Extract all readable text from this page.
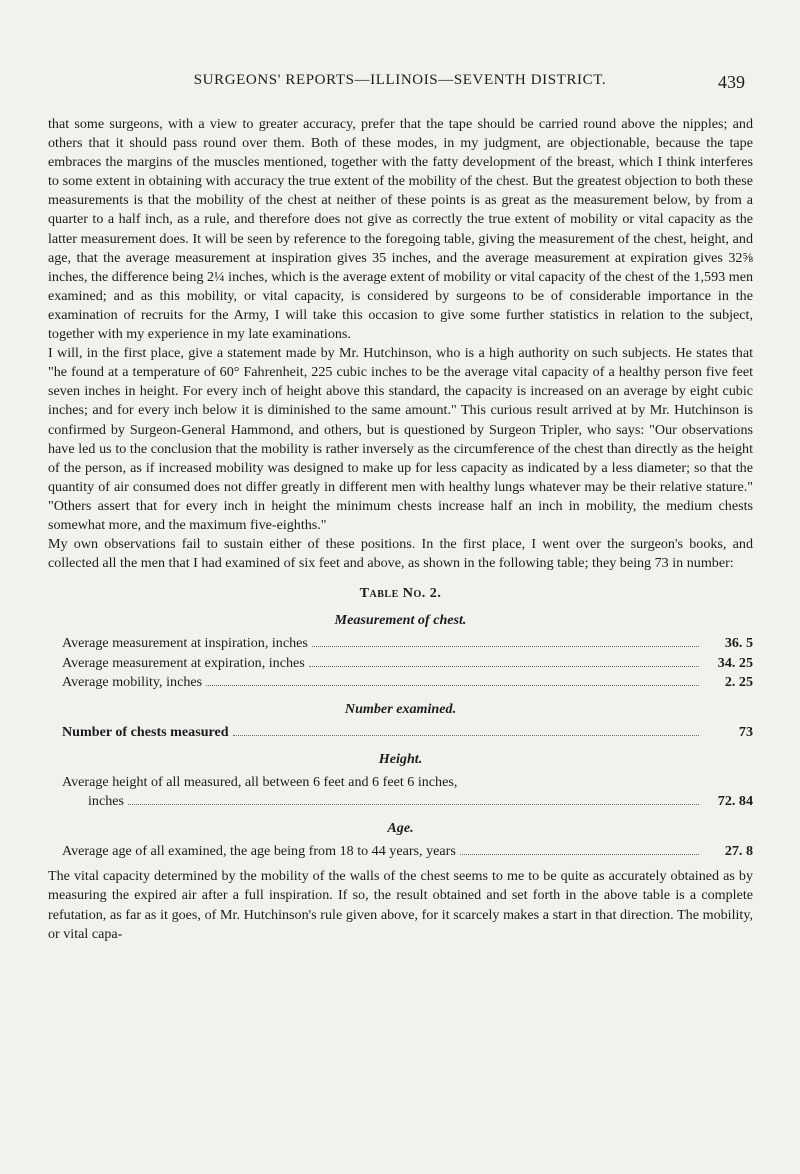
SURGEONS' REPORTS—ILLINOIS—SEVENTH DISTRICT.	439

that some surgeons, with a view to greater accuracy, prefer that the tape should be carried round above the nipples; and others that it should pass round over them. Both of these modes, in my judgment, are objectionable, because the tape embraces the margins of the muscles mentioned, together with the fatty development of the breast, which I think interferes to some extent in obtaining with accuracy the true extent of the mobility of the chest. But the greatest objection to both these measurements is that the mobility of the chest at neither of these points is as great as the measurement below, by from a quarter to a half inch, as a rule, and therefore does not give as correctly the true extent of mobility or vital capacity as the latter measurement does. It will be seen by reference to the foregoing table, giving the measurement of the chest, height, and age, that the average measurement at inspiration gives 35 inches, and the average measurement at expiration gives 32⅝ inches, the difference being 2¼ inches, which is the average extent of mobility or vital capacity of the chest of the 1,593 men examined; and as this mobility, or vital capacity, is considered by surgeons to be of considerable importance in the examination of recruits for the Army, I will take this occasion to give some further statistics in relation to the subject, together with my experience in my late examinations.

I will, in the first place, give a statement made by Mr. Hutchinson, who is a high authority on such subjects. He states that "he found at a temperature of 60° Fahrenheit, 225 cubic inches to be the average vital capacity of a healthy person five feet seven inches in height. For every inch of height above this standard, the capacity is increased on an average by eight cubic inches; and for every inch below it is diminished to the same amount." This curious result arrived at by Mr. Hutchinson is confirmed by Surgeon-General Hammond, and others, but is questioned by Surgeon Tripler, who says: "Our observations have led us to the conclusion that the mobility is rather inversely as the circumference of the chest than directly as the height of the person, as if increased mobility was designed to make up for less capacity as indicated by a less diameter; so that the quantity of air consumed does not differ greatly in different men with healthy lungs whatever may be their relative stature." "Others assert that for every inch in height the minimum chests increase half an inch in mobility, the medium chests somewhat more, and the maximum five-eighths."

My own observations fail to sustain either of these positions. In the first place, I went over the surgeon's books, and collected all the men that I had examined of six feet and above, as shown in the following table; they being 73 in number:

Table No. 2.
Measurement of chest.
Average measurement at inspiration, inches	36. 5
Average measurement at expiration, inches	34. 25
Average mobility, inches	2. 25
Number examined.
Number of chests measured	73
Height.
Average height of all measured, all between 6 feet and 6 feet 6 inches,
inches	72. 84
Age.
Average age of all examined, the age being from 18 to 44 years, years	27. 8

The vital capacity determined by the mobility of the walls of the chest seems to me to be quite as accurately obtained as by measuring the expired air after a full inspiration. If so, the result obtained and set forth in the above table is a complete refutation, as far as it goes, of Mr. Hutchinson's rule given above, for it scarcely makes a start in that direction. The mobility, or vital capa-
